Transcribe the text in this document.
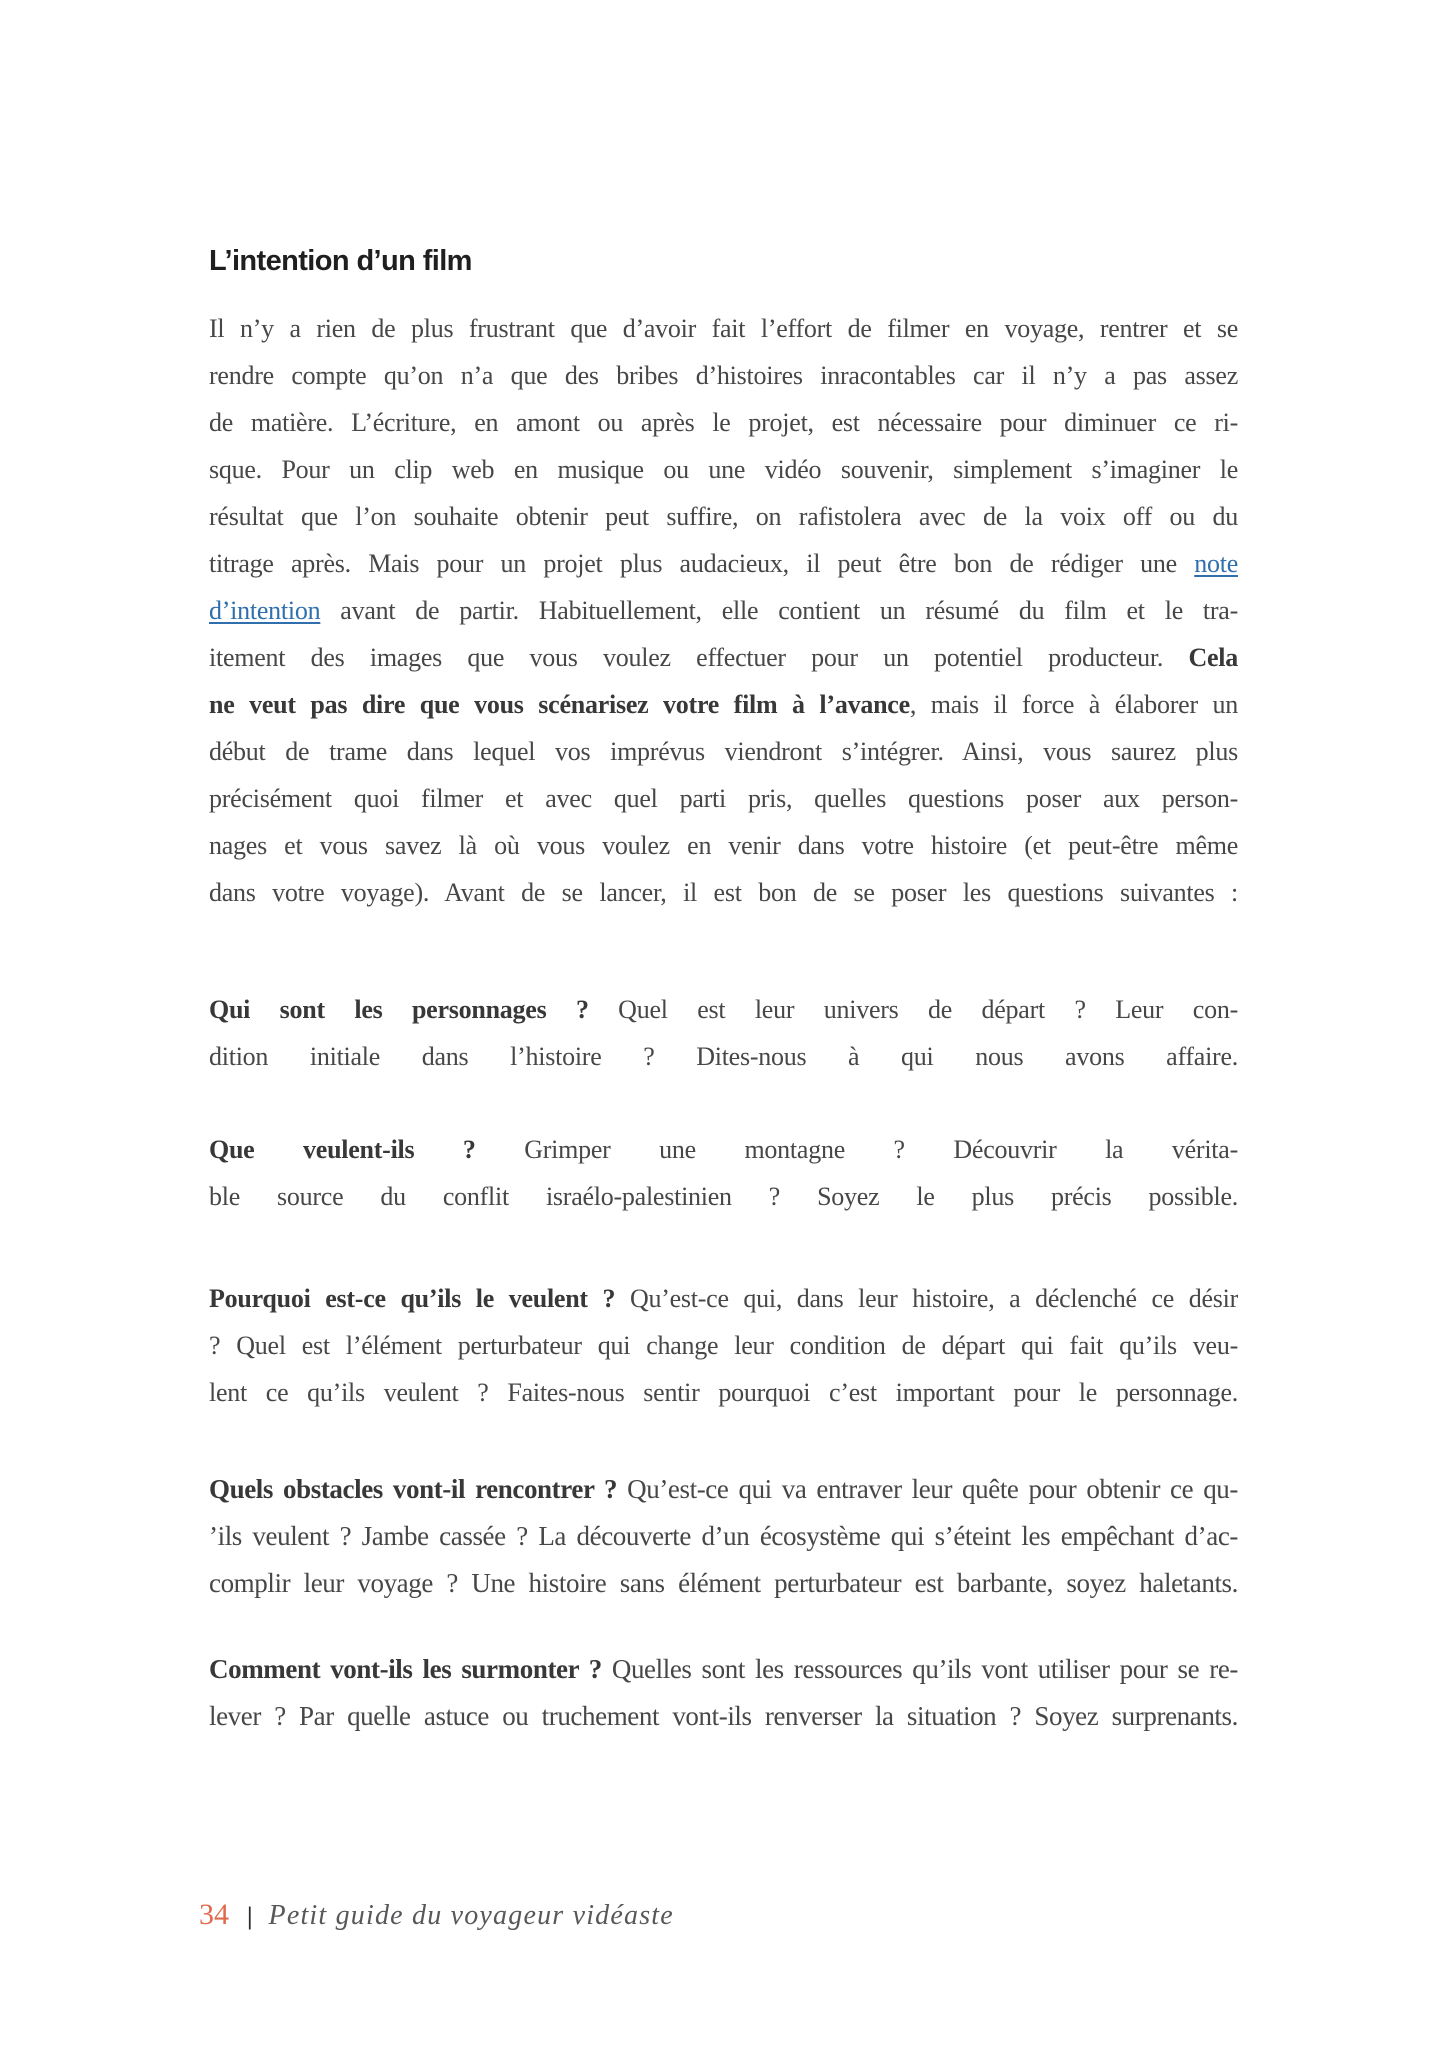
L’intention d’un film
Il n’y a rien de plus frustrant que d’avoir fait l’effort de filmer en voyage, rentrer et se
rendre compte qu’on n’a que des bribes d’histoires inracontables car il n’y a pas assez
de matière. L’écriture, en amont ou après le projet, est nécessaire pour diminuer ce ri-
sque. Pour un clip web en musique ou une vidéo souvenir, simplement s’imaginer le
résultat que l’on souhaite obtenir peut suffire, on rafistolera avec de la voix off ou du
titrage après. Mais pour un projet plus audacieux, il peut être bon de rédiger une note
d’intention avant de partir. Habituellement, elle contient un résumé du film et le tra-
itement des images que vous voulez effectuer pour un potentiel producteur. Cela
ne veut pas dire que vous scénarisez votre film à l’avance, mais il force à élaborer un
début de trame dans lequel vos imprévus viendront s’intégrer. Ainsi, vous saurez plus
précisément quoi filmer et avec quel parti pris, quelles questions poser aux person-
nages et vous savez là où vous voulez en venir dans votre histoire (et peut-être même
dans votre voyage). Avant de se lancer, il est bon de se poser les questions suivantes :
Qui sont les personnages ? Quel est leur univers de départ ? Leur con-
dition initiale dans l’histoire ? Dites-nous à qui nous avons affaire.
Que veulent-ils ? Grimper une montagne ? Découvrir la vérita-
ble source du conflit israélo-palestinien ? Soyez le plus précis possible.
Pourquoi est-ce qu’ils le veulent ? Qu’est-ce qui, dans leur histoire, a déclenché ce désir
? Quel est l’élément perturbateur qui change leur condition de départ qui fait qu’ils veu-
lent ce qu’ils veulent ? Faites-nous sentir pourquoi c’est important pour le personnage.
Quels obstacles vont-il rencontrer ? Qu’est-ce qui va entraver leur quête pour obtenir ce qu-
’ils veulent ? Jambe cassée ? La découverte d’un écosystème qui s’éteint les empêchant d’ac-
complir leur voyage ? Une histoire sans élément perturbateur est barbante, soyez haletants.
Comment vont-ils les surmonter ? Quelles sont les ressources qu’ils vont utiliser pour se re-
lever ? Par quelle astuce ou truchement vont-ils renverser la situation ? Soyez surprenants.
34 | Petit guide du voyageur vidéaste
